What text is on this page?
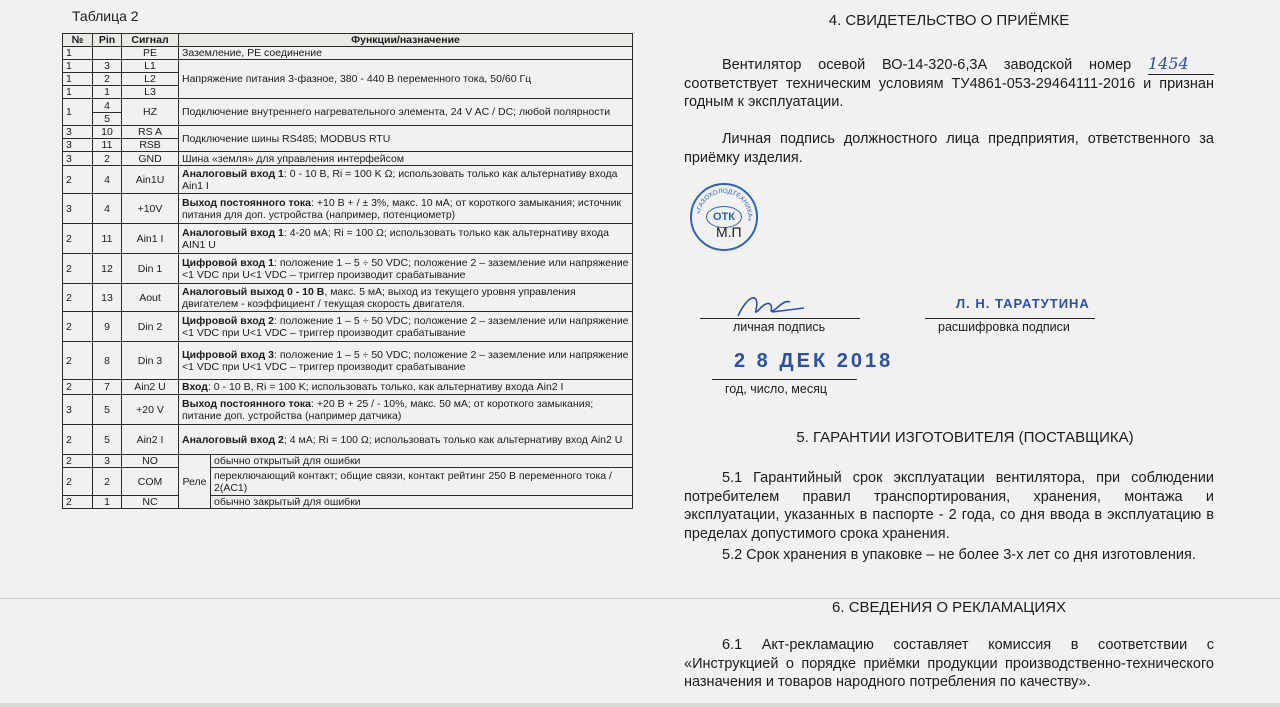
Таблица 2
№	Pin	Сигнал	Функции/назначение	
1		PE	Заземление, PE соединение	
1	3	L1	Напряжение питания 3-фазное, 380 - 440 В переменного тока, 50/60 Гц	
1	2	L2		
1	1	L3		
1	4	HZ	Подключение внутреннего нагревательного элемента, 24 V AC / DC; любой полярности	
	5			
3	10	RS A	Подключение шины RS485; MODBUS RTU	
3	11	RSB		
3	2	GND	Шина «земля» для управления интерфейсом	
2	4	Ain1U	Аналоговый вход 1: 0 - 10 В, Ri = 100 K Ω; использовать только как альтернативу входа Ain1 I	
3	4	+10V	Выход постоянного тока: +10 В + / ± 3%, макс. 10 мА; от короткого замыкания; источник питания для доп. устройства (например, потенциометр)	
2	11	Ain1 I	Аналоговый вход 1: 4-20 мА; Ri = 100 Ω; использовать только как альтернативу входа AIN1 U	
2	12	Din 1	Цифровой вход 1: положение 1 – 5 ÷ 50 VDC; положение 2 – заземление или напряжение <1 VDC при U<1 VDC – триггер производит срабатывание	
2	13	Aout	Аналоговый выход 0 - 10 В, макс. 5 мА; выход из текущего уровня управления двигателем - коэффициент / текущая скорость двигателя.	
2	9	Din 2	Цифровой вход 2: положение 1 – 5 ÷ 50 VDC; положение 2 – заземление или напряжение <1 VDC при U<1 VDC – триггер производит срабатывание	
2	8	Din 3	Цифровой вход 3: положение 1 – 5 ÷ 50 VDC; положение 2 – заземление или напряжение <1 VDC при U<1 VDC – триггер производит срабатывание	
2	7	Ain2 U	Вход: 0 - 10 В, Ri = 100 K; использовать только, как альтернативу входа Ain2 I	
3	5	+20 V	Выход постоянного тока: +20 В + 25 / - 10%, макс. 50 мА; от короткого замыкания; питание доп. устройства (например датчика)	
2	5	Ain2 I	Аналоговый вход 2; 4 мА; Ri = 100 Ω; использовать только как альтернативу вход Ain2 U	
2	3	NO	Реле	обычно открытый для ошибки
2	2	COM		переключающий контакт; общие связи, контакт рейтинг 250 В переменного тока / 2(AC1)
2	1	NC		обычно закрытый для ошибки
4. СВИДЕТЕЛЬСТВО О ПРИЁМКЕ
Вентилятор осевой ВО-14-320-6,3А заводской номер 1454 соответствует техническим условиям ТУ4861-053-29464111-2016 и признан годным к эксплуатации.
Личная подпись должностного лица предприятия, ответственного за приёмку изделия.
«ГАЗОХОЛОДТЕХНИКА»
ОТК
М.П
Л. Н. ТАРАТУТИНА
личная подпись	расшифровка подписи
2 8 ДЕК 2018
год, число, месяц
5. ГАРАНТИИ ИЗГОТОВИТЕЛЯ (ПОСТАВЩИКА)
5.1 Гарантийный срок эксплуатации вентилятора, при соблюдении потребителем правил транспортирования, хранения, монтажа и эксплуатации, указанных в паспорте - 2 года, со дня ввода в эксплуатацию в пределах допустимого срока хранения.
5.2 Срок хранения в упаковке – не более 3-х лет со дня изготовления.
6. СВЕДЕНИЯ О РЕКЛАМАЦИЯХ
6.1 Акт-рекламацию составляет комиссия в соответствии с «Инструкцией о порядке приёмки продукции производственно-технического назначения и товаров народного потребления по качеству».
